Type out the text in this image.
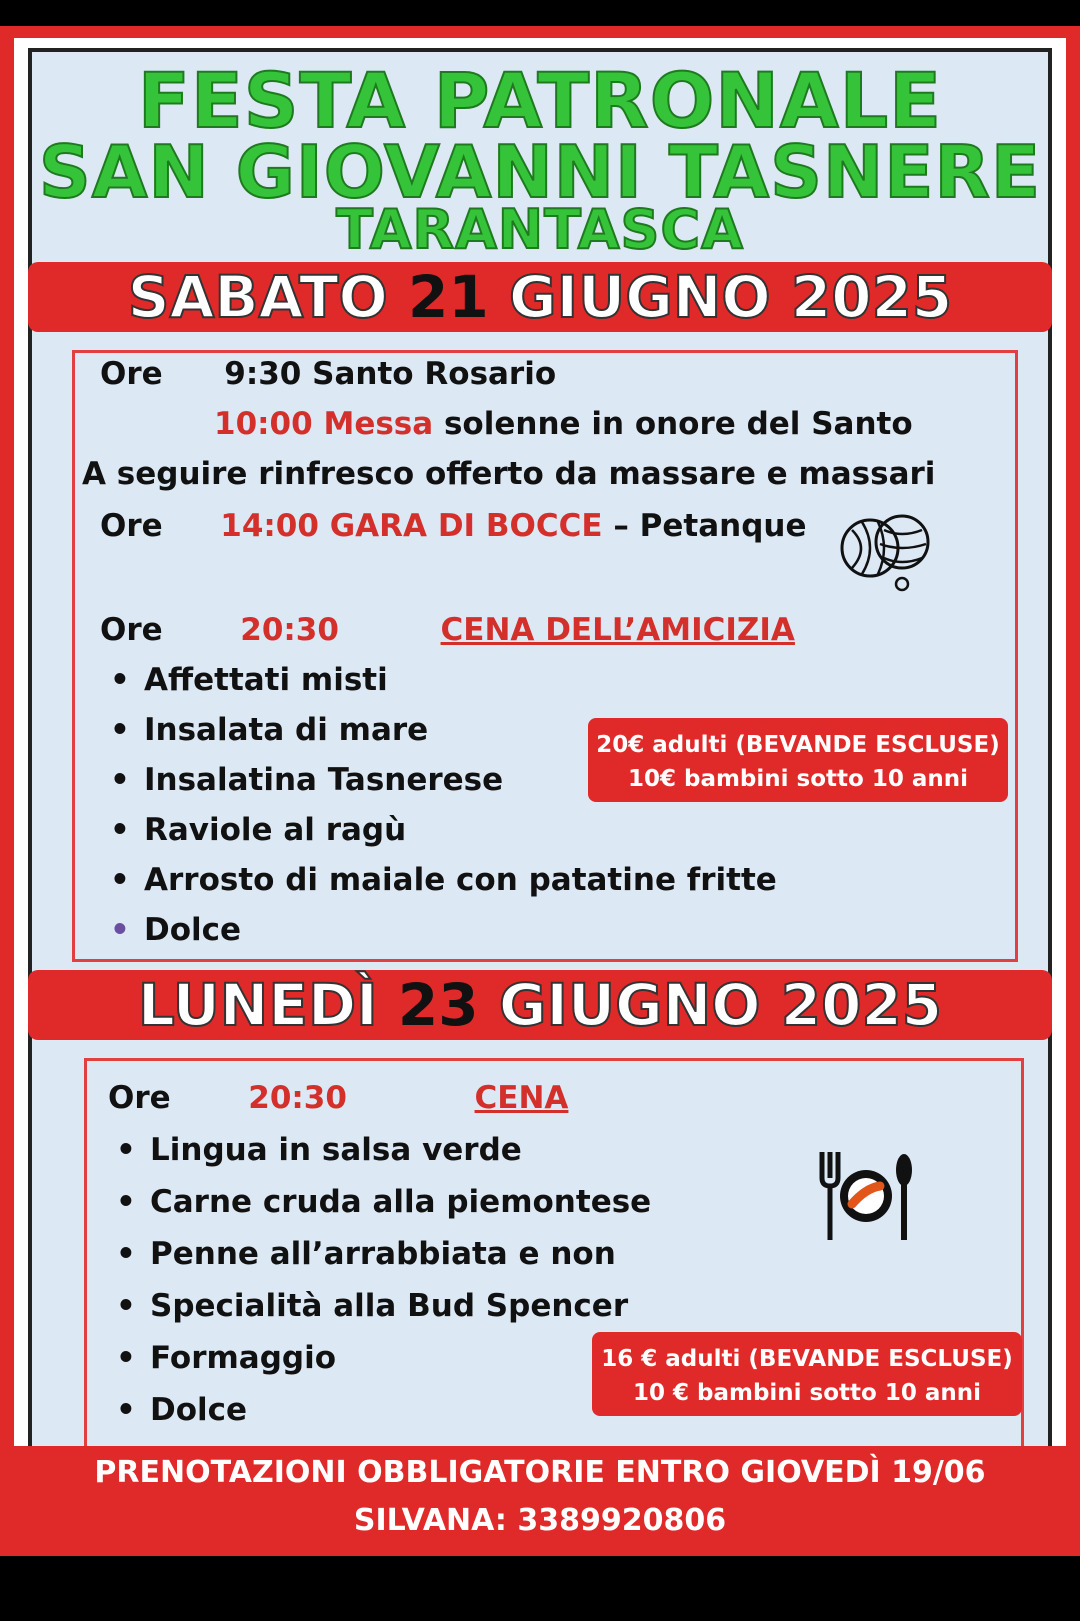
FESTA PATRONALE
SAN GIOVANNI TASNERE
TARANTASCA
SABATO 21 GIUGNO 2025
Ore 9:30 Santo Rosario
10:00 Messa solenne in onore del Santo
A seguire rinfresco offerto da massare e massari
Ore 14:00 GARA DI BOCCE – Petanque
Ore	20:30	CENA DELL’AMICIZIA
• Affettati misti
• Insalata di mare
• Insalatina Tasnerese
• Raviole al ragù
• Arrosto di maiale con patatine fritte
• Dolce
20€ adulti (BEVANDE ESCLUSE)
10€ bambini sotto 10 anni
LUNEDÌ 23 GIUGNO 2025
Ore	20:30	CENA
• Lingua in salsa verde
• Carne cruda alla piemontese
• Penne all’arrabbiata e non
• Specialità alla Bud Spencer
• Formaggio
• Dolce
16 € adulti (BEVANDE ESCLUSE)
10 € bambini sotto 10 anni
PRENOTAZIONI OBBLIGATORIE ENTRO GIOVEDÌ 19/06
SILVANA: 3389920806
